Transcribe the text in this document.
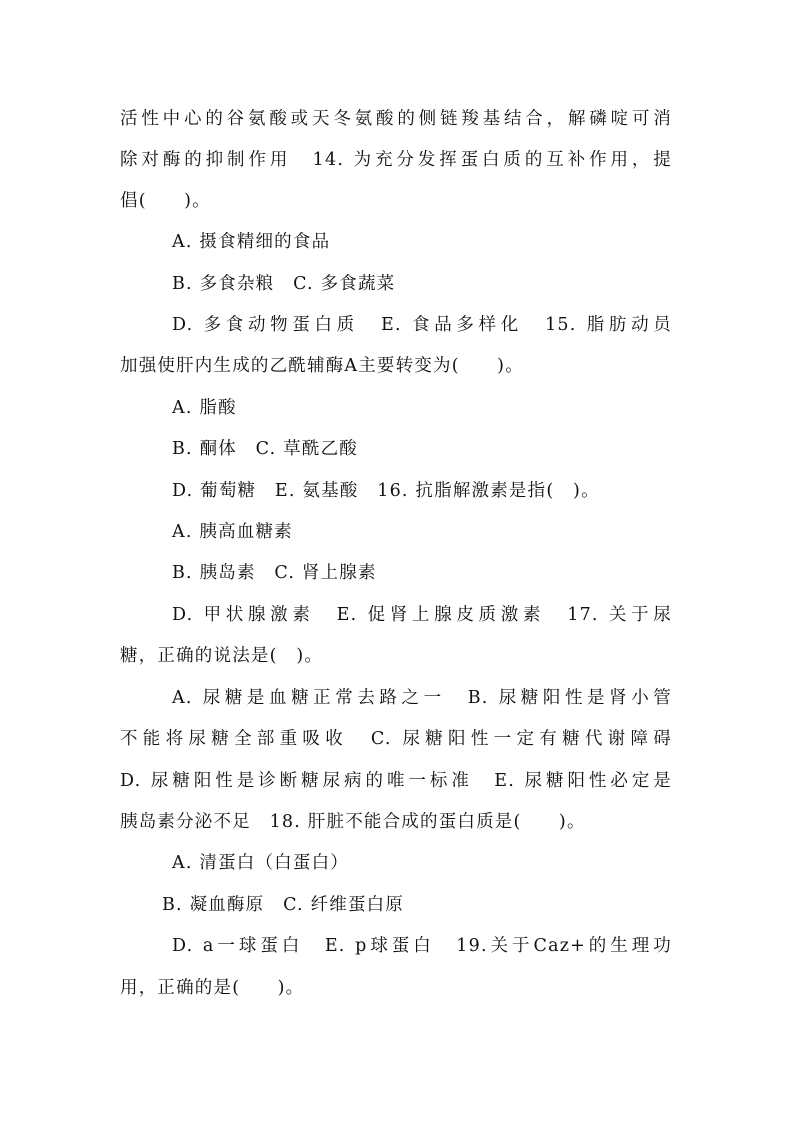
活性中心的谷氨酸或天冬氨酸的侧链羧基结合，解磷啶可消
除对酶的抑制作用　14. 为充分发挥蛋白质的互补作用，提
倡(　　)。
A. 摄食精细的食品
B. 多食杂粮　C. 多食蔬菜
D. 多食动物蛋白质　E. 食品多样化　15. 脂肪动员
加强使肝内生成的乙酰辅酶A主要转变为(　　)。
A. 脂酸
B. 酮体　C. 草酰乙酸
D. 葡萄糖　E. 氨基酸　16. 抗脂解激素是指(　)。
A. 胰高血糖素
B. 胰岛素　C. 肾上腺素
D. 甲状腺激素　E. 促肾上腺皮质激素　17. 关于尿
糖，正确的说法是(　)。
A. 尿糖是血糖正常去路之一　B. 尿糖阳性是肾小管
不能将尿糖全部重吸收　C. 尿糖阳性一定有糖代谢障碍
D. 尿糖阳性是诊断糖尿病的唯一标准　E. 尿糖阳性必定是
胰岛素分泌不足　18. 肝脏不能合成的蛋白质是(　　)。
A. 清蛋白（白蛋白）
B. 凝血酶原　C. 纤维蛋白原
D. a一球蛋白　E. p球蛋白　19.关于Caz+的生理功
用，正确的是(　　)。
